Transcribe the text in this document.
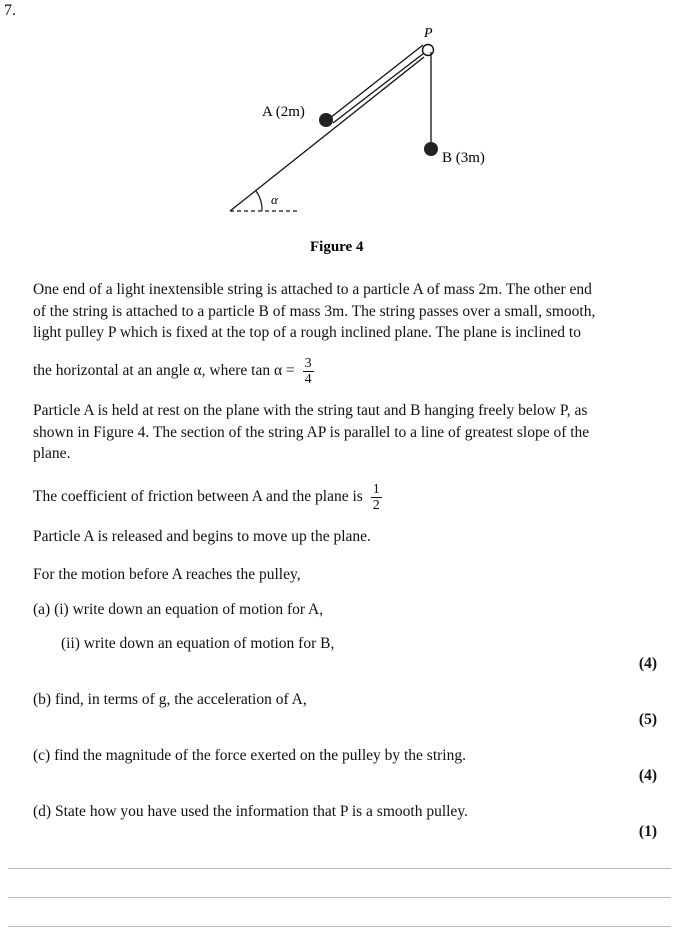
7.
P
A (2m)
B (3m)
α
Figure 4
One end of a light inextensible string is attached to a particle A of mass 2m. The other end
of the string is attached to a particle B of mass 3m. The string passes over a small, smooth,
light pulley P which is fixed at the top of a rough inclined plane. The plane is inclined to
the horizontal at an angle α, where $\tan \alpha = \frac{3}{4}$
Particle A is held at rest on the plane with the string taut and B hanging freely below P, as
shown in Figure 4. The section of the string AP is parallel to a line of greatest slope of the
plane.
The coefficient of friction between A and the plane is $\frac{1}{2}$
Particle A is released and begins to move up the plane.
For the motion before A reaches the pulley,
(a) (i) write down an equation of motion for A,
(ii) write down an equation of motion for B,
(4)
(b) find, in terms of g, the acceleration of A,
(5)
(c) find the magnitude of the force exerted on the pulley by the string.
(4)
(d) State how you have used the information that P is a smooth pulley.
(1)
